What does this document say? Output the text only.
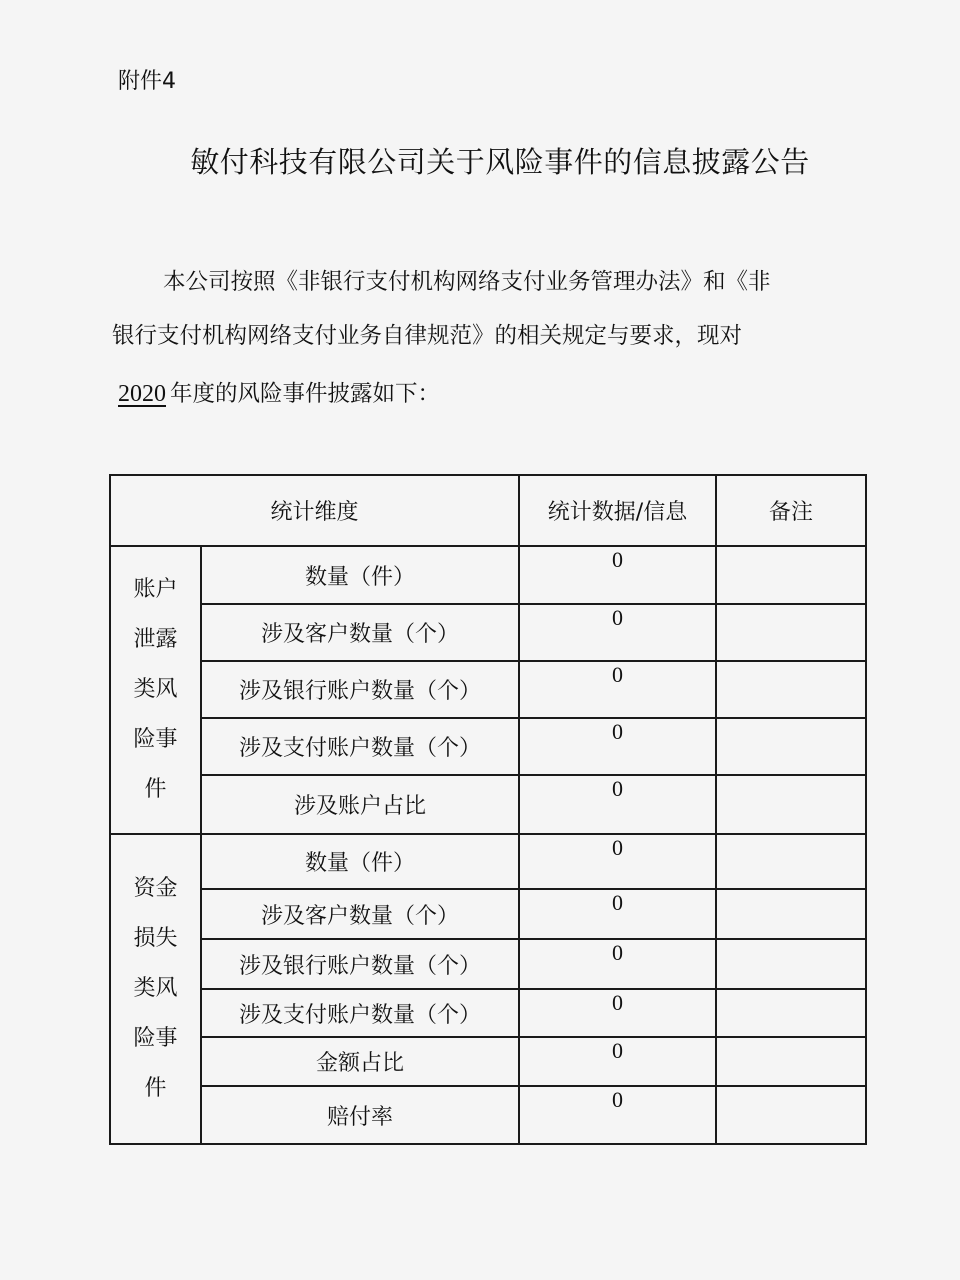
附件4
敏付科技有限公司关于风险事件的信息披露公告
本公司按照《非银行支付机构网络支付业务管理办法》和《非
银行支付机构网络支付业务自律规范》的相关规定与要求，现对
2020 年度的风险事件披露如下：
统计维度		统计数据/信息	备注

账户
泄露
类风
险事
件	数量（件）	0	
	涉及客户数量（个）	0	
	涉及银行账户数量（个）	0	
	涉及支付账户数量（个）	0	
	涉及账户占比	0	

资金
损失
类风
险事
件	数量（件）	0	
	涉及客户数量（个）	0	
	涉及银行账户数量（个）	0	
	涉及支付账户数量（个）	0	
	金额占比	0	
	赔付率	0	
